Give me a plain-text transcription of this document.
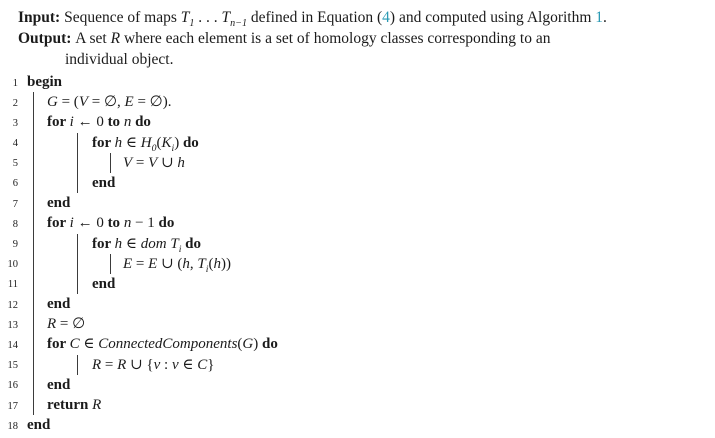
Input: Sequence of maps $T_1$ . . . $T_{n-1}$ defined in Equation (4) and computed using Algorithm 1.
Output: A set R where each element is a set of homology classes corresponding to an
individual object.
1 begin
2 G = (V = ∅, E = ∅).
3 for i ← 0 to n do
4	for h ∈ $H_0(K_i)$ do
5	V = V ∪ h
6	end
7 end
8 for i ← 0 to n − 1 do
9	for h ∈ dom $T_i$ do
10	E = E ∪ (h, $T_i(h)$)
11	end
12 end
13 R = ∅
14 for C ∈ ConnectedComponents(G) do
15	R = R ∪ {v : v ∈ C}
16 end
17 return R
18 end
